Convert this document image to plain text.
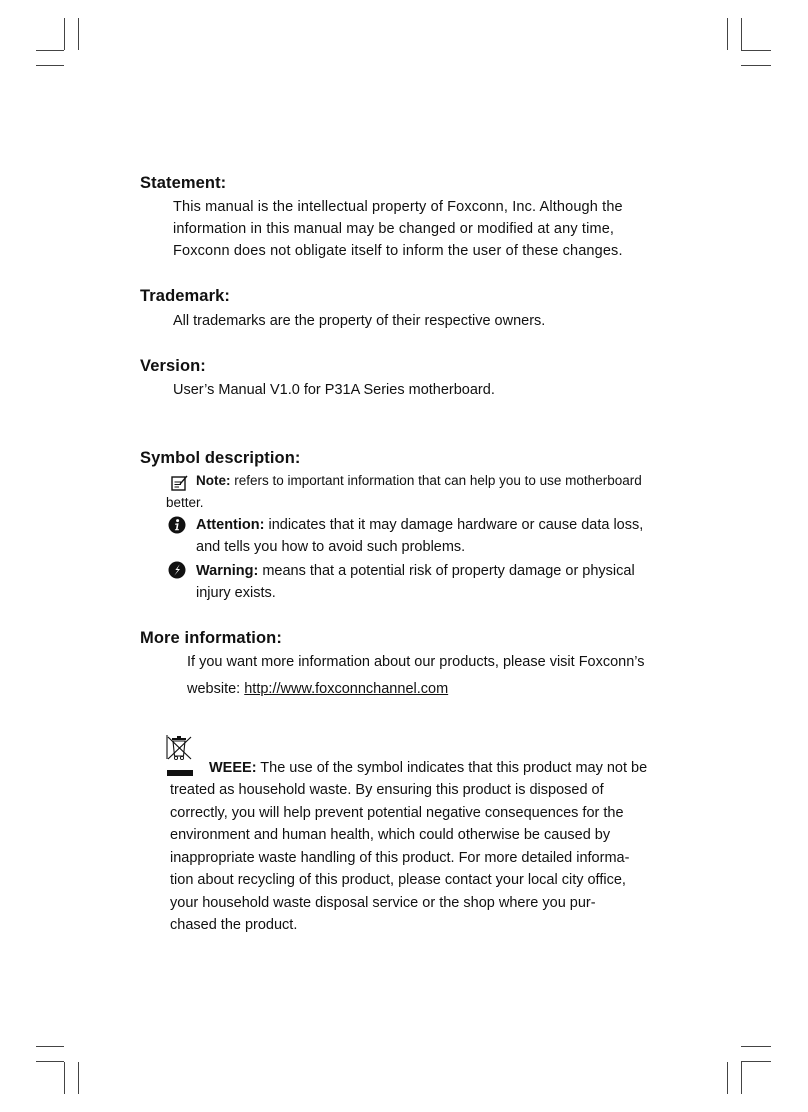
Statement:
This manual is the intellectual property of Foxconn, Inc. Although the
information in this manual may be changed or modified at any time,
Foxconn does not obligate itself to inform the user of these changes.
Trademark:
All trademarks are the property of their respective owners.
Version:
User’s Manual V1.0 for P31A Series motherboard.
Symbol description:
Note: refers to important information that can help you to use motherboard
better.
Attention: indicates that it may damage hardware or cause data loss,
and tells you how to avoid such problems.
Warning: means that a potential risk of property damage or physical
injury exists.
More information:
If you want more information about our products, please visit Foxconn’s
website: http://www.foxconnchannel.com
WEEE: The use of the symbol indicates that this product may not be
treated as household waste. By ensuring this product is disposed of
correctly, you will help prevent potential negative consequences for the
environment and human health, which could otherwise be caused by
inappropriate waste handling of this product. For more detailed informa-
tion about recycling of this product, please contact your local city office,
your household waste disposal service or the shop where you pur-
chased the product.
